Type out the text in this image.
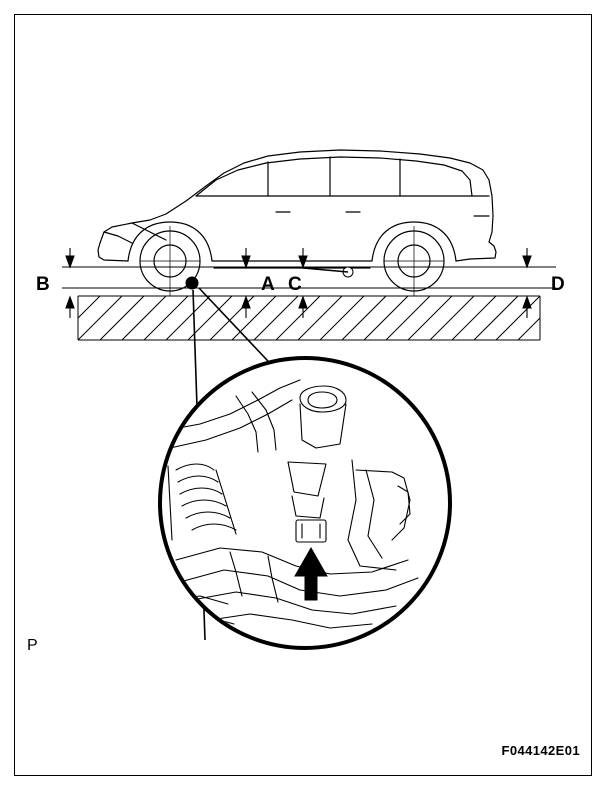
B	A C	D
P
F044142E01
